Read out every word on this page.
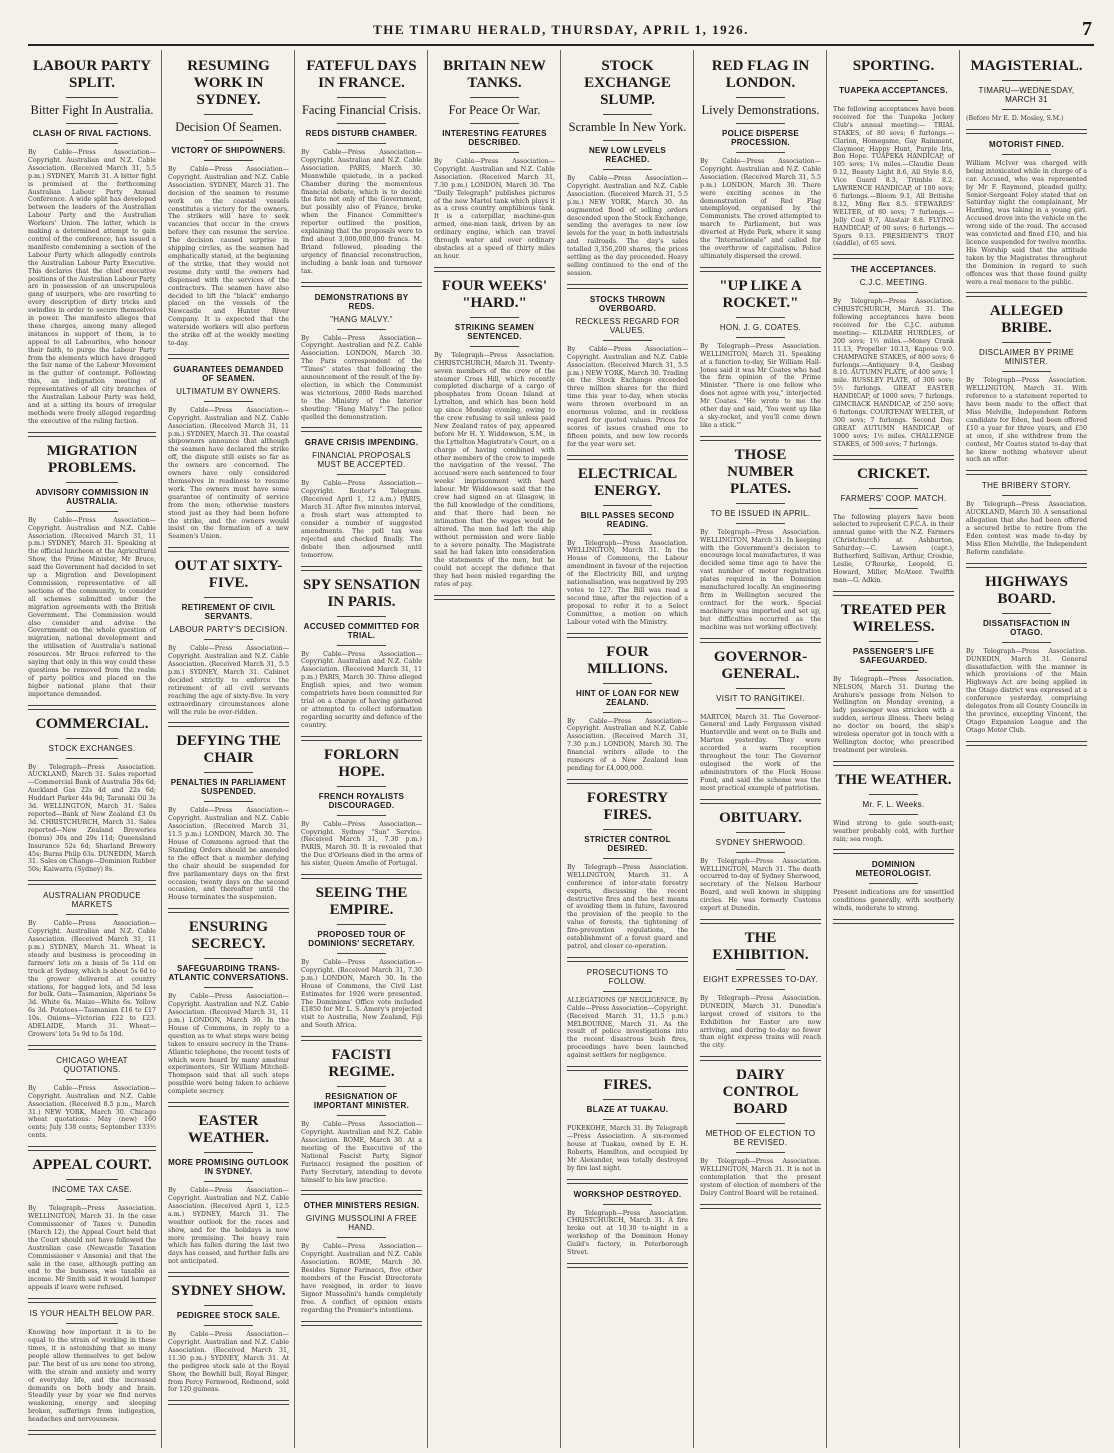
THE TIMARU HERALD, THURSDAY, APRIL 1, 1926.	7
LABOUR PARTY SPLIT.
Bitter Fight In Australia.
CLASH OF RIVAL FACTIONS.
By Cable—Press Association—Copyright. Australian and N.Z. Cable Association. (Received March 31, 5.5 p.m.) SYDNEY, March 31. A bitter fight is promised at the forthcoming Australian Labour Party Annual Conference. A wide split has developed between the leaders of the Australian Labour Party and the Australian Workers' Union. The latter, which is making a determined attempt to gain control of the conference, has issued a manifesto condemning a section of the Labour Party which allegedly controls the Australian Labour Party Executive. This declares that the chief executive positions of the Australian Labour Party are in possession of an unscrupulous gang of usurpers, who are resorting to every description of dirty tricks and swindles in order to secure themselves in power. The manifesto alleges that these charges, among many alleged instances in support of them, is to appeal to all Labourites, who honour their faith, to purge the Labour Party from the elements which have dragged the fair name of the Labour Movement in the gutter of contempt. Following this, an indignation meeting of representatives of all city branches of the Australian Labour Party was held, and at a sitting its hours of irregular methods were freely alleged regarding the executive of the ruling faction.
MIGRATION PROBLEMS.
ADVISORY COMMISSION IN AUSTRALIA.
By Cable—Press Association—Copyright. Australian and N.Z. Cable Association. (Received March 31, 11 p.m.) SYDNEY, March 31. Speaking at the official luncheon at the Agricultural Show, the Prime Minister, Mr Bruce, said the Government had decided to set up a Migration and Development Commission, representative of all sections of the community, to consider all schemes submitted under the migration agreements with the British Government. The Commission would also consider and advise the Government on the whole question of migration, national development and the utilisation of Australia's national resources. Mr Bruce referred to the saying that only in this way could these questions be removed from the realm of party politics and placed on the higher national plane that their importance demanded.
COMMERCIAL.
STOCK EXCHANGES.
By Telegraph—Press Association. AUCKLAND, March 31. Sales reported—Commercial Bank of Australia 38s 6d; Auckland Gas 22s 4d and 22s 6d; Huddart Parker 44s 9d; Taranaki Oil 3s 3d. WELLINGTON, March 31. Sales reported—Bank of New Zealand £3 0s 3d. CHRISTCHURCH, March 31. Sales reported—New Zealand Breweries (bonus) 30s and 29s 11d; Queensland Insurance 52s 6d; Sharland Brewery 45s; Burns Philp 63s. DUNEDIN, March 31. Sales on Change—Dominion Rubber 50s; Kaiwarra (Sydney) 8s.
AUSTRALIAN PRODUCE MARKETS
By Cable—Press Association—Copyright. Australian and N.Z. Cable Association. (Received March 31, 11 p.m.) SYDNEY, March 31. Wheat is steady and business is proceeding in farmers' lots on a basis of 5s 11d on truck at Sydney, which is about 5s 6d to the grower delivered at country stations, for bagged lots, and 5d less for bulk. Oats—Tasmanian, Algerians 5s 3d. White 6s. Maize—White 6s. Yellow 6s 3d. Potatoes—Tasmanian £16 to £17 10s. Onions—Victorian £22 to £23. ADELAIDE, March 31. Wheat—Growers' lots 5s 9d to 5s 10d.
CHICAGO WHEAT QUOTATIONS.
By Cable—Press Association—Copyright. Australian and N.Z. Cable Association. (Received 8.5 p.m., March 31.) NEW YORK, March 30. Chicago wheat quotations: May (new) 160 cents; July 138 cents; September 133½ cents.
APPEAL COURT.
INCOME TAX CASE.
By Telegraph—Press Association. WELLINGTON, March 31. In the case Commissioner of Taxes v. Dunedin (March 12), the Appeal Court held that the Court should not have followed the Australian case (Newcastle Taxation Commissioner v Ansonia) and that the sale in the case, although putting an end to the business, was taxable as income. Mr Smith said it would hamper appeals if leave were refused.
IS YOUR HEALTH BELOW PAR.
Knowing how important it is to be equal to the strain of working in these times, it is astonishing that so many people allow themselves to get below par. The best of us are none too strong, with the strain and anxiety and worry of everyday life, and the increased demands on both body and brain. Steadily year by year we find nerves weakening, energy and sleeping broken, sufferings from indigestion, headaches and nervousness.
RESUMING WORK IN SYDNEY.
Decision Of Seamen.
VICTORY OF SHIPOWNERS.
By Cable—Press Association—Copyright. Australian and N.Z. Cable Association. SYDNEY, March 31. The decision of the seamen to resume work on the coastal vessels constitutes a victory for the owners. The strikers will have to seek vacancies that occur in the crews before they can resume the service. The decision caused surprise in shipping circles, as the seamen had emphatically stated, at the beginning of the strike, that they would not resume duty until the owners had dispensed with the services of the contractors. The seamen have also decided to lift the "black" embargo placed on the vessels of the Newcastle and Hunter River Company. It is expected that the waterside workers will also perform the strike off at the weekly meeting to-day.
GUARANTEES DEMANDED OF SEAMEN.
ULTIMATUM BY OWNERS.
By Cable—Press Association—Copyright. Australian and N.Z. Cable Association. (Received March 31, 11 p.m.) SYDNEY, March 31. The coastal shipowners announce that although the seamen have declared the strike off, the dispute still exists so far as the owners are concerned. The owners have only considered themselves in readiness to resume work. The owners must have some guarantee of continuity of service from the men; otherwise masters stood just as they had been before the strike, and the owners would insist on the formation of a new Seamen's Union.
OUT AT SIXTY-FIVE.
RETIREMENT OF CIVIL SERVANTS.
LABOUR PARTY'S DECISION.
By Cable—Press Association—Copyright. Australian and N.Z. Cable Association. (Received March 31, 5.5 p.m.) SYDNEY, March 31. Cabinet decided strictly to enforce the retirement of all civil servants reaching the age of sixty-five. In very extraordinary circumstances alone will the rule be over-ridden.
DEFYING THE CHAIR
PENALTIES IN PARLIAMENT SUSPENDED.
By Cable—Press Association—Copyright. Australian and N.Z. Cable Association. (Received March 31, 11.5 p.m.) LONDON, March 30. The House of Commons agreed that the Standing Orders should be amended to the effect that a member defying the chair should be suspended for five parliamentary days on the first occasion; twenty days on the second occasion, and thereafter until the House terminates the suspension.
ENSURING SECRECY.
SAFEGUARDING TRANS-ATLANTIC CONVERSATIONS.
By Cable—Press Association—Copyright. Australian and N.Z. Cable Association. (Received March 31, 11 p.m.) LONDON, March 30. In the House of Commons, in reply to a question as to what steps were being taken to ensure secrecy in the Trans-Atlantic telephone, the recent tests of which were heard by many amateur experimenters, Sir William Mitchell-Thompson said that all such steps possible were being taken to achieve complete secrecy.
EASTER WEATHER.
MORE PROMISING OUTLOOK IN SYDNEY.
By Cable—Press Association—Copyright. Australian and N.Z. Cable Association. (Received April 1, 12.5 a.m.) SYDNEY, March 31. The weather outlook for the races and show, and for the holidays is now more promising. The heavy rain which has fallen during the last two days has ceased, and further falls are not anticipated.
SYDNEY SHOW.
PEDIGREE STOCK SALE.
By Cable—Press Association—Copyright. Australian and N.Z. Cable Association. (Received March 31, 11.30 p.m.) SYDNEY, March 31. At the pedigree stock sale at the Royal Show, the Bowhill bull, Royal Ringer, from Percy Fernwood, Redmond, sold for 120 guineas.
FATEFUL DAYS IN FRANCE.
Facing Financial Crisis.
REDS DISTURB CHAMBER.
By Cable—Press Association—Copyright. Australian and N.Z. Cable Association. PARIS, March 30. Meanwhile quietude, in a packed Chamber during the momentous financial debate, which is to decide the fate not only of the Government, but possibly also of France, broke when the Finance Committee's reporter outlined the position, explaining that the proposals were to find about 3,000,000,000 francs. M. Briand followed, pleading the urgency of financial reconstruction, including a bank loan and turnover tax.
DEMONSTRATIONS BY REDS.
"HANG MALVY."
By Cable—Press Association—Copyright. Australian and N.Z. Cable Association. LONDON, March 30. The Paris correspondent of the "Times" states that following the announcement of the result of the by-election, in which the Communist was victorious, 2000 Reds marched to the Ministry of the Interior shouting: "Hang Malvy." The police quelled the demonstration.
GRAVE CRISIS IMPENDING.
FINANCIAL PROPOSALS MUST BE ACCEPTED.
By Cable—Press Association—Copyright. Reuter's Telegram. (Received April 1, 12 a.m.) PARIS, March 31. After five minutes interval, a fresh start was attempted to consider a number of suggested amendments. The poll tax was rejected and checked finally. The debate then adjourned until tomorrow.
SPY SENSATION IN PARIS.
ACCUSED COMMITTED FOR TRIAL.
By Cable—Press Association—Copyright. Australian and N.Z. Cable Association. (Received March 31, 11 p.m.) PARIS, March 30. Three alleged English spies, and two women compatriots have been committed for trial on a charge of having gathered or attempted to collect information regarding security and defence of the country.
FORLORN HOPE.
FRENCH ROYALISTS DISCOURAGED.
By Cable—Press Association—Copyright. Sydney "Sun" Service. (Received March 31, 7.30 p.m.) PARIS, March 30. It is revealed that the Duc d'Orleans died in the arms of his sister, Queen Amelie of Portugal.
SEEING THE EMPIRE.
PROPOSED TOUR OF DOMINIONS' SECRETARY.
By Cable—Press Association—Copyright. (Received March 31, 7.30 p.m.) LONDON, March 30. In the House of Commons, the Civil List Estimates for 1926 were presented. The Dominions' Office vote included £1850 for Mr L. S. Amery's projected visit to Australia, New Zealand, Fiji and South Africa.
FACISTI REGIME.
RESIGNATION OF IMPORTANT MINISTER.
By Cable—Press Association—Copyright. Australian and N.Z. Cable Association. ROME, March 30. At a meeting of the Executive of the National Fascist Party, Signor Farinacci resigned the position of Party Secretary, intending to devote himself to his law practice.
OTHER MINISTERS RESIGN.
GIVING MUSSOLINI A FREE HAND.
By Cable—Press Association—Copyright. Australian and N.Z. Cable Association. ROME, March 30. Besides Signor Farinacci, five other members of the Fascist Directorate have resigned, in order to leave Signor Mussolini's hands completely free. A conflict of opinion exists regarding the Premier's intentions.
BRITAIN NEW TANKS.
For Peace Or War.
INTERESTING FEATURES DESCRIBED.
By Cable—Press Association—Copyright. Australian and N.Z. Cable Association. (Received March 31, 7.30 p.m.) LONDON, March 30. The "Daily Telegraph" publishes pictures of the new Martel tank which plays it as a cross country amphibious tank. It is a caterpillar, machine-gun armed, one-man tank, driven by an ordinary engine, which can travel through water and over ordinary obstacles at a speed of thirty miles an hour.
FOUR WEEKS' "HARD."
STRIKING SEAMEN SENTENCED.
By Telegraph—Press Association. CHRISTCHURCH, March 31. Twenty-seven members of the crew of the steamer Cross Hill, which recently completed discharge of a cargo of phosphates from Ocean Island at Lyttelton, and which has been held up since Monday evening, owing to the crew refusing to sail unless paid New Zealand rates of pay, appeared before Mr H. Y. Widdowson, S.M., in the Lyttelton Magistrate's Court, on a charge of having combined with other members of the crew to impede the navigation of the vessel. The accused were each sentenced to four weeks' imprisonment with hard labour. Mr Widdowson said that the crew had signed on at Glasgow, in the full knowledge of the conditions, and that there had been no intimation that the wages would be altered. The men had left the ship without permission and were liable to a severe penalty. The Magistrate said he had taken into consideration the statements of the men, but he could not accept the defence that they had been misled regarding the rates of pay.
STOCK EXCHANGE SLUMP.
Scramble In New York.
NEW LOW LEVELS REACHED.
By Cable—Press Association—Copyright. Australian and N.Z. Cable Association. (Received March 31, 5.5 p.m.) NEW YORK, March 30. An augmented flood of selling orders descended upon the Stock Exchange, sending the averages to new low levels for the year, in both industrials and railroads. The day's sales totalled 3,356,200 shares, the prices settling as the day proceeded. Heavy selling continued to the end of the session.
STOCKS THROWN OVERBOARD.
RECKLESS REGARD FOR VALUES.
By Cable—Press Association—Copyright. Australian and N.Z. Cable Association. (Received March 31, 5.5 p.m.) NEW YORK, March 30. Trading on the Stock Exchange exceeded three million shares for the third time this year to-day, when stocks were thrown overboard in an enormous volume, and in reckless regard for quoted values. Prices for scores of issues crashed one to fifteen points, and new low records for the year were set.
ELECTRICAL ENERGY.
BILL PASSES SECOND READING.
By Telegraph—Press Association. WELLINGTON, March 31. In the House of Commons, the Labour amendment in favour of the rejection of the Electricity Bill, and urging nationalisation, was negatived by 295 votes to 127. The Bill was read a second time, after the rejection of a proposal to refer it to a Select Committee, a motion on which Labour voted with the Ministry.
FOUR MILLIONS.
HINT OF LOAN FOR NEW ZEALAND.
By Cable—Press Association—Copyright. Australian and N.Z. Cable Association. (Received March 31, 7.30 p.m.) LONDON, March 30. The financial writers allude to the rumours of a New Zealand loan pending for £4,000,000.
FORESTRY FIRES.
STRICTER CONTROL DESIRED.
By Telegraph—Press Association. WELLINGTON, March 31. A conference of inter-state forestry experts, discussing the recent destructive fires and the best means of avoiding them in future, favoured the provision of the people to the value of forests, the tightening of fire-prevention regulations, the establishment of a forest guard and patrol, and closer co-operation.
PROSECUTIONS TO FOLLOW.
ALLEGATIONS OF NEGLIGENCE. By Cable—Press Association—Copyright. (Received March 31, 11.5 p.m.) MELBOURNE, March 31. As the result of police investigations into the recent disastrous bush fires, proceedings have been launched against settlers for negligence.
FIRES.
BLAZE AT TUAKAU.
PUKEKOHE, March 31. By Telegraph—Press Association. A six-roomed house at Tuakau, owned by E. H. Roberts, Hamilton, and occupied by Mr Alexander, was totally destroyed by fire last night.
WORKSHOP DESTROYED.
By Telegraph—Press Association. CHRISTCHURCH, March 31. A fire broke out at 10.30 to-night in a workshop of the Dominion Honey Guild's factory, in Peterborough Street.
RED FLAG IN LONDON.
Lively Demonstrations.
POLICE DISPERSE PROCESSION.
By Cable—Press Association—Copyright. Australian and N.Z. Cable Association. (Received March 31, 5.5 p.m.) LONDON, March 30. There were exciting scenes in the demonstration of Red Flag unemployed, organised by the Communists. The crowd attempted to march to Parliament, but was diverted at Hyde Park, where it sang the "Internationale" and called for the overthrow of capitalism. Police ultimately dispersed the crowd.
"UP LIKE A ROCKET."
HON. J. G. COATES.
By Telegraph—Press Association. WELLINGTON, March 31. Speaking at a function to-day, Sir William Hall-Jones said it was Mr Coates who had the firm opinion of the Prime Minister. "There is one fellow who does not agree with you," interjected Mr Coates. "He wrote to me the other day and said, 'You went up like a sky-rocket, and you'll come down like a stick.'"
THOSE NUMBER PLATES.
TO BE ISSUED IN APRIL.
By Telegraph—Press Association. WELLINGTON, March 31. In keeping with the Government's decision to encourage local manufactures, it was decided some time ago to have the vast number of motor registration plates required in the Dominion manufactured locally. An engineering firm in Wellington secured the contract for the work. Special machinery was imported and set up, but difficulties occurred as the machine was not working effectively.
GOVERNOR-GENERAL.
VISIT TO RANGITIKEI.
MARTON, March 31. The Governor-General and Lady Fergusson visited Hunterville and went on to Bulls and Marton yesterday. They were accorded a warm reception throughout the tour. The Governor eulogised the work of the administrators of the Flock House Fund, and said the scheme was the most practical example of patriotism.
OBITUARY.
SYDNEY SHERWOOD.
By Telegraph—Press Association. WELLINGTON, March 31. The death occurred to-day of Sydney Sherwood, secretary of the Nelson Harbour Board, and well known in shipping circles. He was formerly Customs expert at Dunedin.
THE EXHIBITION.
EIGHT EXPRESSES TO-DAY.
By Telegraph—Press Association. DUNEDIN, March 31. Dunedin's largest crowd of visitors to the Exhibition for Easter are now arriving, and during to-day no fewer than eight express trains will reach the city.
DAIRY CONTROL BOARD
METHOD OF ELECTION TO BE REVISED.
By Telegraph—Press Association. WELLINGTON, March 31. It is not in contemplation that the present system of election of members of the Dairy Control Board will be retained.
SPORTING.
TUAPEKA ACCEPTANCES.
The following acceptances have been received for the Tuapeka Jockey Club's annual meeting:— TRIAL STAKES, of 80 sovs; 6 furlongs.—Clarion, Homegame, Gay Rainment, Claymoor, Happy Hunt, Purple Iris, Bon Hope. TUAPEKA HANDICAP, of 105 sovs; 1¼ miles.—Claudie Dean 9.12, Beauty Light 8.6, All Style 8.6, Vice Guard 8.3, Trimble 8.2. LAWRENCE HANDICAP, of 100 sovs; 6 furlongs.—Bloom 9.1, All Britishe 8.12, Ming Rex 8.5. STEWARDS' WELTER, of 80 sovs; 7 furlongs.—Jolly Coal 9.7, Alastair 8.8. FLYING HANDICAP, of 90 sovs; 6 furlongs.—Spurs 9.13. PRESIDENT'S TROT (saddle), of 65 sovs.
THE ACCEPTANCES.
C.J.C. MEETING.
By Telegraph—Press Association. CHRISTCHURCH, March 31. The following acceptances have been received for the C.J.C. autumn meeting:— KILDARE HURDLES, of 200 sovs; 1½ miles.—Money Crank 11.13, Propeller 10.13, Kapoua 9.0. CHAMPAGNE STAKES, of 800 sovs; 6 furlongs.—Antiquary 9.4, Gasbag 8.10. AUTUMN PLATE, of 400 sovs; 1 mile. RUSSLEY PLATE, of 300 sovs; 5½ furlongs. GREAT EASTER HANDICAP, of 1000 sovs; 7 furlongs. GIMCRACK HANDICAP, of 250 sovs; 6 furlongs. COURTENAY WELTER, of 300 sovs; 7 furlongs. Second Day. GREAT AUTUMN HANDICAP, of 1000 sovs; 1½ miles. CHALLENGE STAKES, of 500 sovs; 7 furlongs.
CRICKET.
FARMERS' COOP. MATCH.
The following players have been selected to represent C.F.C.A. in their annual game with the N.Z. Farmers (Christchurch) at Ashburton, Saturday:—C. Lawson (capt.), Rutherford, Sullivan, Arthur, Crosbie, Leslie, O'Rourke, Leopold, G. Howard, Miller, McAteer. Twelfth man—G. Adkin.
TREATED PER WIRELESS.
PASSENGER'S LIFE SAFEGUARDED.
By Telegraph—Press Association. NELSON, March 31. During the Arahura's passage from Nelson to Wellington on Monday evening, a lady passenger was stricken with a sudden, serious illness. There being no doctor on board, the ship's wireless operator got in touch with a Wellington doctor, who prescribed treatment per wireless.
THE WEATHER.
Mr. F. L. Weeks.
Wind strong to gale south-east; weather probably cold, with further rain; sea rough.
DOMINION METEOROLOGIST.
Present indications are for unsettled conditions generally, with southerly winds, moderate to strong.
MAGISTERIAL.
TIMARU—WEDNESDAY, MARCH 31
(Before Mr E. D. Mosley, S.M.)
MOTORIST FINED.
William McIver was charged with being intoxicated while in charge of a car. Accused, who was represented by Mr F. Raymond, pleaded guilty. Senior-Sergeant Foley stated that on Saturday night the complainant, Mr Harding, was taking in a young girl. Accused drove into the vehicle on the wrong side of the road. The accused was convicted and fined £10, and his licence suspended for twelve months. His Worship said that the attitude taken by the Magistrates throughout the Dominion in regard to such offences was that those found guilty were a real menace to the public.
ALLEGED BRIBE.
DISCLAIMER BY PRIME MINISTER.
By Telegraph—Press Association. WELLINGTON, March 31. With reference to a statement reported to have been made to the effect that Miss Melville, Independent Reform candidate for Eden, had been offered £10 a year for three years, and £50 at once, if she withdrew from the contest, Mr Coates stated to-day that he knew nothing whatever about such an offer.
THE BRIBERY STORY.
By Telegraph—Press Association. AUCKLAND, March 30. A sensational allegation that she had been offered a secured bribe to retire from the Eden contest was made to-day by Miss Ellen Melville, the Independent Reform candidate.
HIGHWAYS BOARD.
DISSATISFACTION IN OTAGO.
By Telegraph—Press Association. DUNEDIN, March 31. General dissatisfaction with the manner in which provisions of the Main Highways Act are being applied in the Otago district was expressed at a conference yesterday, comprising delegates from all County Councils in the province, excepting Vincent, the Otago Expansion League and the Otago Motor Club.
